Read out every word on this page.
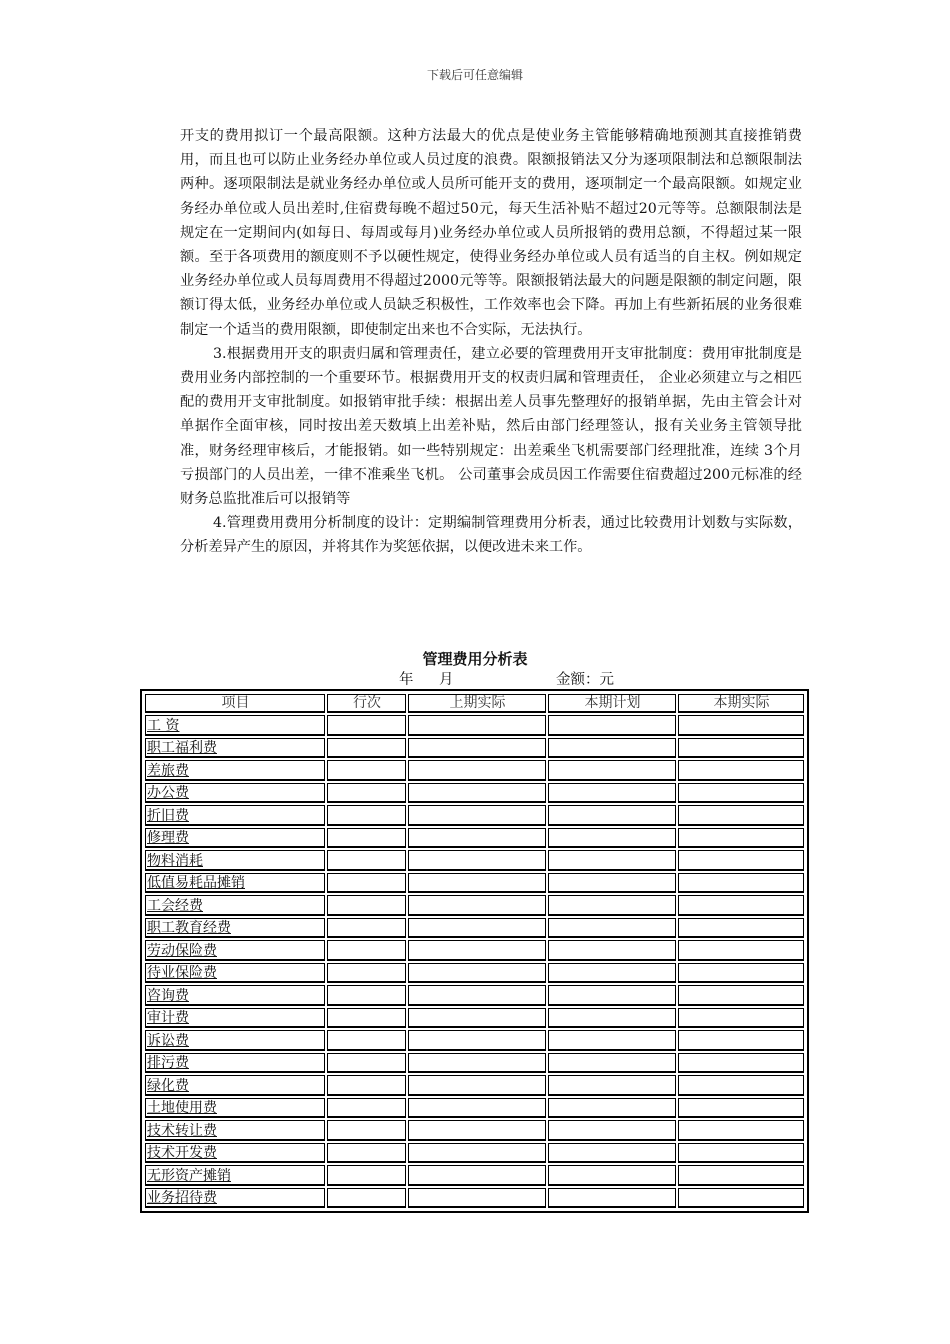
下载后可任意编辑

开支的费用拟订一个最高限额。这种方法最大的优点是使业务主管能够精确地预测其直接推销费用，而且也可以防止业务经办单位或人员过度的浪费。限额报销法又分为逐项限制法和总额限制法两种。逐项限制法是就业务经办单位或人员所可能开支的费用，逐项制定一个最高限额。如规定业务经办单位或人员出差时,住宿费每晚不超过50元，每天生活补贴不超过20元等等。总额限制法是规定在一定期间内(如每日、每周或每月)业务经办单位或人员所报销的费用总额，不得超过某一限额。至于各项费用的额度则不予以硬性规定，使得业务经办单位或人员有适当的自主权。例如规定业务经办单位或人员每周费用不得超过2000元等等。限额报销法最大的问题是限额的制定问题，限额订得太低，业务经办单位或人员缺乏积极性，工作效率也会下降。再加上有些新拓展的业务很难制定一个适当的费用限额，即使制定出来也不合实际，无法执行。

3.根据费用开支的职责归属和管理责任，建立必要的管理费用开支审批制度：费用审批制度是费用业务内部控制的一个重要环节。根据费用开支的权责归属和管理责任， 企业必须建立与之相匹配的费用开支审批制度。如报销审批手续：根据出差人员事先整理好的报销单据，先由主管会计对单据作全面审核，同时按出差天数填上出差补贴，然后由部门经理签认，报有关业务主管领导批准，财务经理审核后，才能报销。如一些特别规定：出差乘坐飞机需要部门经理批准，连续 3个月亏损部门的人员出差，一律不准乘坐飞机。 公司董事会成员因工作需要住宿费超过200元标准的经财务总监批准后可以报销等

4.管理费用费用分析制度的设计：定期编制管理费用分析表，通过比较费用计划数与实际数，分析差异产生的原因，并将其作为奖惩依据，以便改进未来工作。

管理费用分析表
年 月	金额：元
项目	行次	上期实际	本期计划	本期实际
工 资				
职工福利费				
差旅费				
办公费				
折旧费				
修理费				
物料消耗				
低值易耗品摊销				
工会经费				
职工教育经费				
劳动保险费				
待业保险费				
咨询费				
审计费				
诉讼费				
排污费				
绿化费				
土地使用费				
技术转让费				
技术开发费				
无形资产摊销				
业务招待费				
